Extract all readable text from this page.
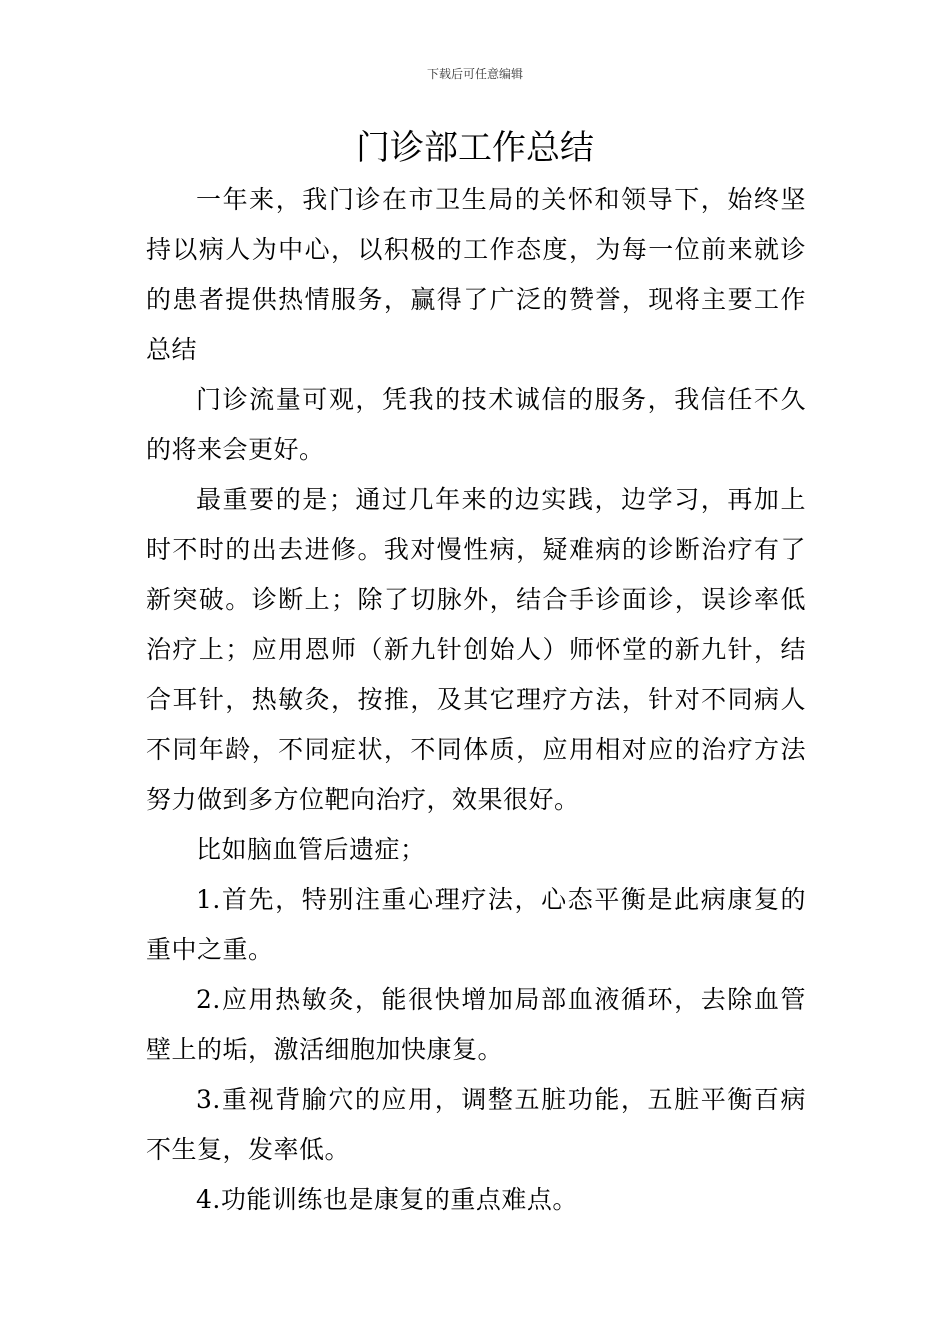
下载后可任意编辑
门诊部工作总结

一年来，我门诊在市卫生局的关怀和领导下，始终坚持以病人为中心，以积极的工作态度，为每一位前来就诊的患者提供热情服务，赢得了广泛的赞誉，现将主要工作总结

门诊流量可观，凭我的技术诚信的服务，我信任不久的将来会更好。

最重要的是；通过几年来的边实践，边学习，再加上时不时的出去进修。我对慢性病，疑难病的诊断治疗有了新突破。诊断上；除了切脉外，结合手诊面诊，误诊率低治疗上；应用恩师（新九针创始人）师怀堂的新九针，结合耳针，热敏灸，按推，及其它理疗方法，针对不同病人不同年龄，不同症状，不同体质，应用相对应的治疗方法努力做到多方位靶向治疗，效果很好。

比如脑血管后遗症；

1.首先，特别注重心理疗法，心态平衡是此病康复的重中之重。

2.应用热敏灸，能很快增加局部血液循环，去除血管壁上的垢，激活细胞加快康复。

3.重视背腧穴的应用，调整五脏功能，五脏平衡百病不生复，发率低。

4.功能训练也是康复的重点难点。
